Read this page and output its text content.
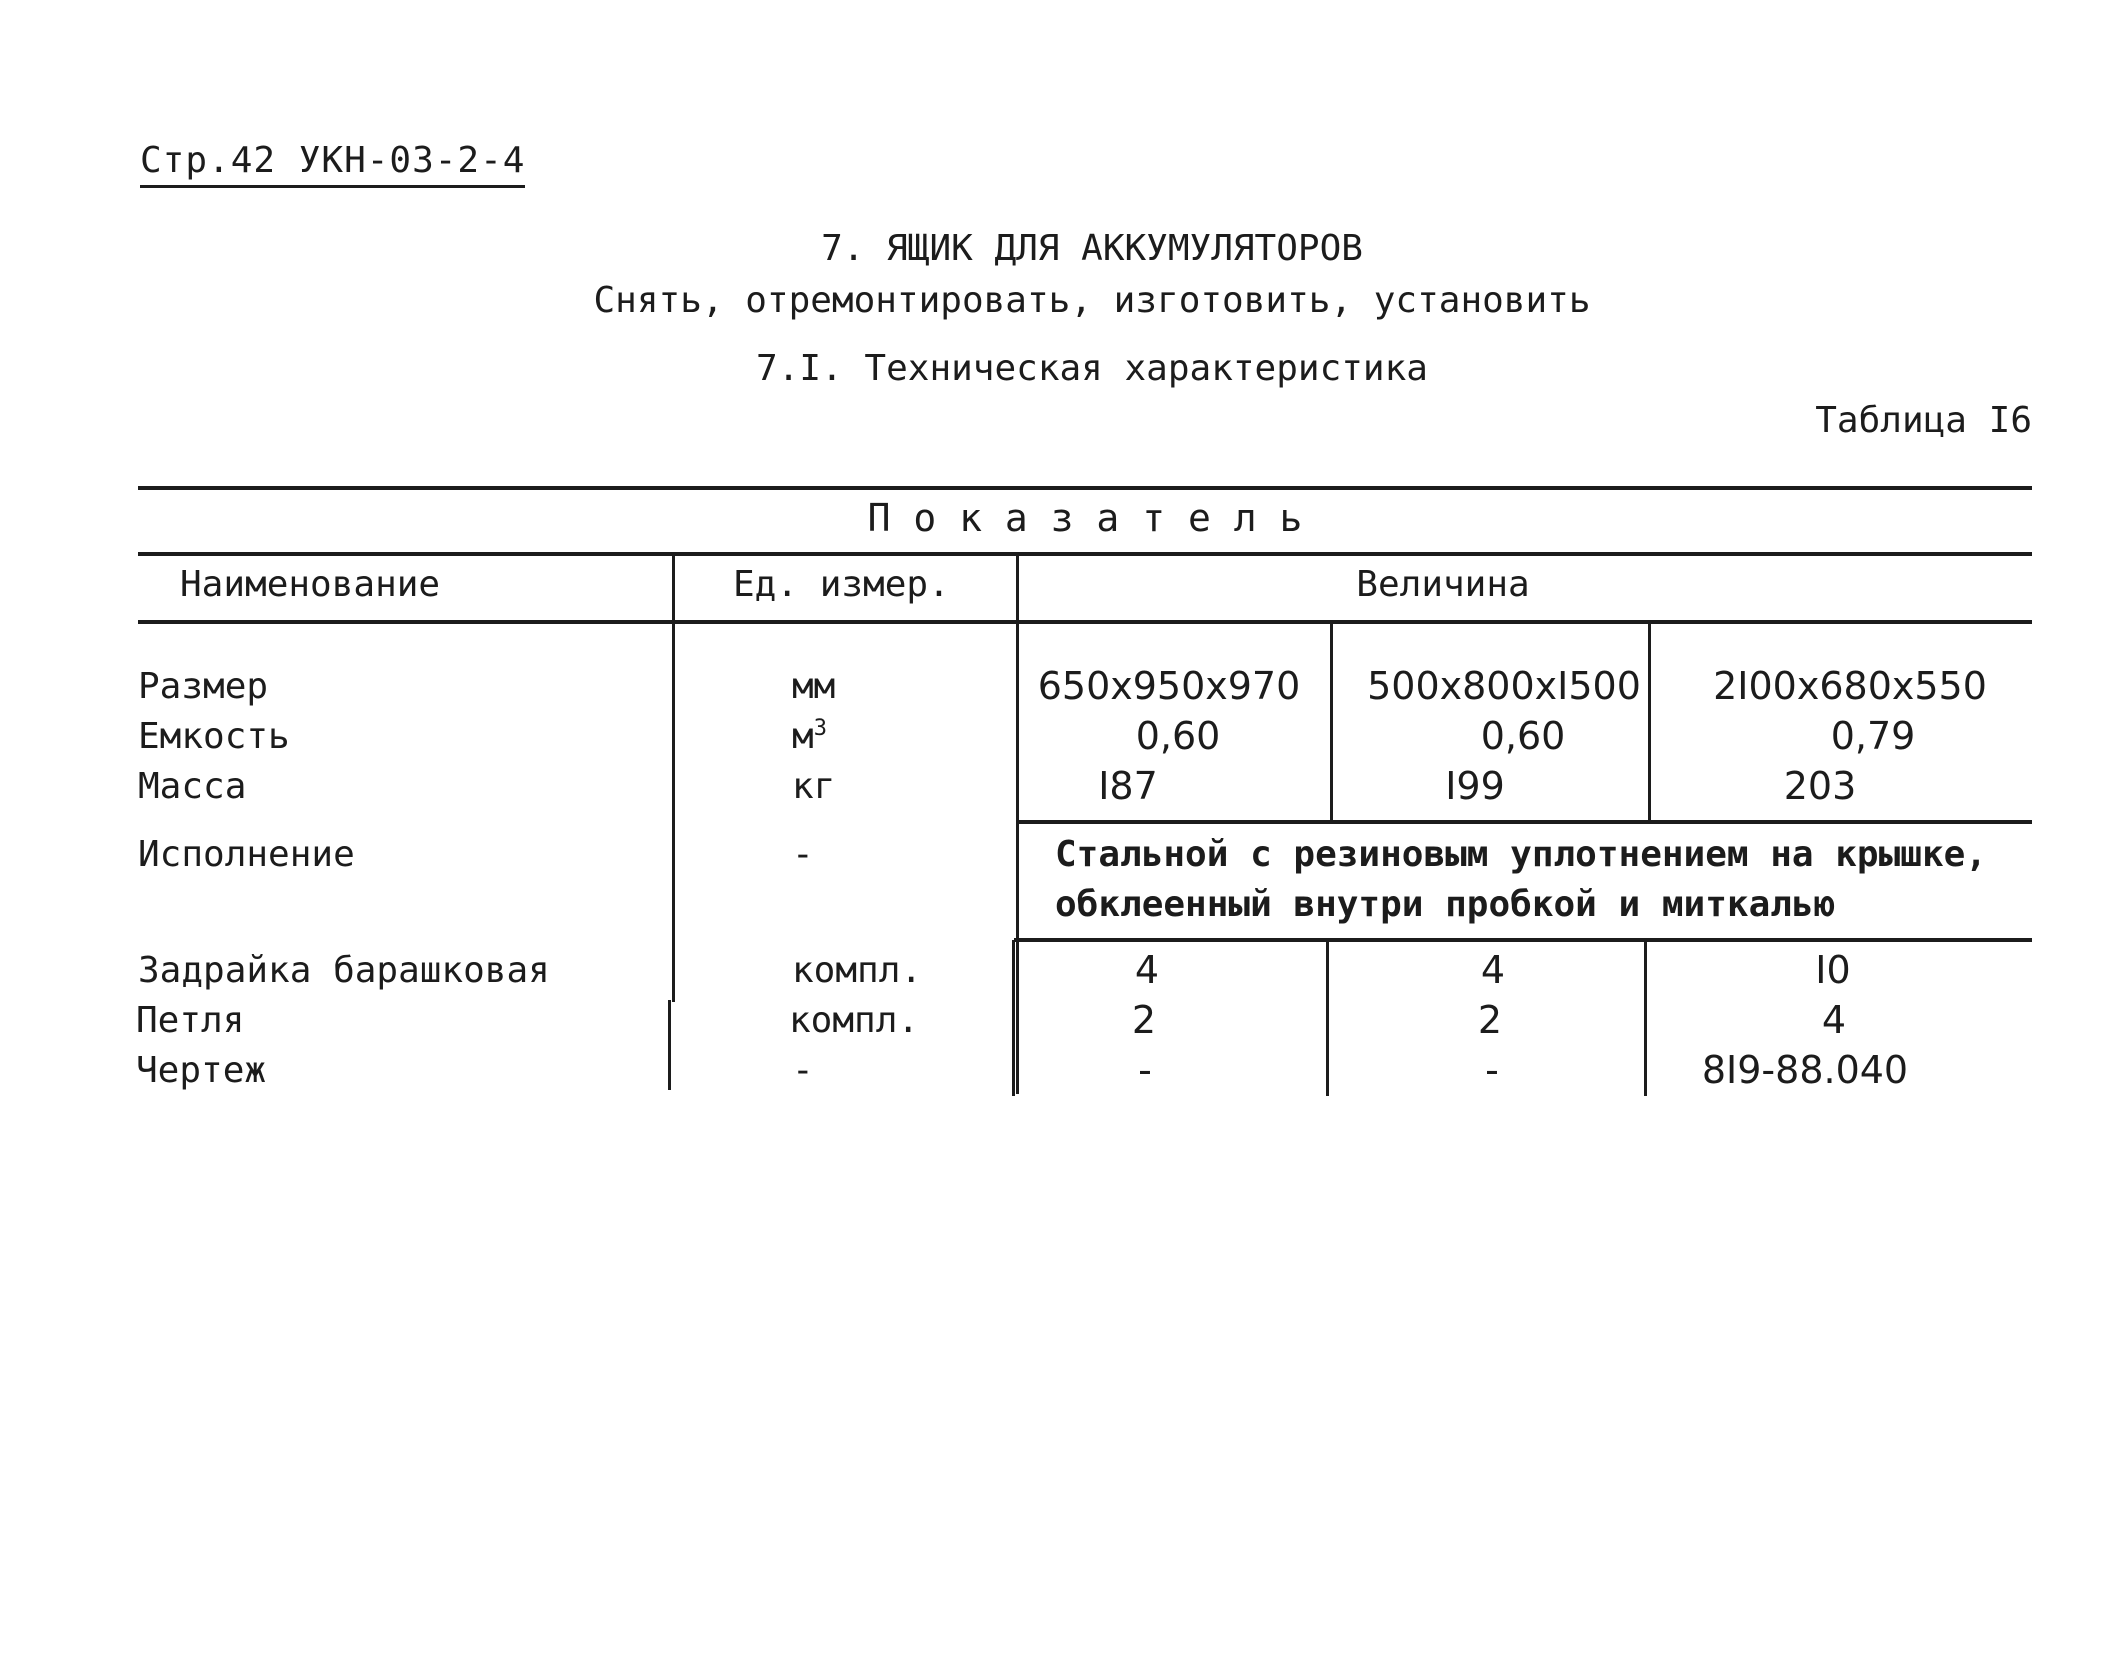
Стр.42 УКН-03-2-4
7. ЯЩИК ДЛЯ АККУМУЛЯТОРОВ
Снять, отремонтировать, изготовить, установить
7.I. Техническая характеристика
Таблица I6
П о к а з а т е л ь
Наименование	Ед. измер.	Величина
Размер	мм	650x950x970 500x800xI500 2I00x680x550
Емкость	$м^3$	0,60	0,60	0,79
Масса	кг	I87	I99	203
Исполнение	-	Стальной с резиновым уплотнением на крышке,
обклеенный внутри пробкой и миткалью
Задрайка барашковая	компл.	4	4	I0
Петля	компл.	2	2	4
Чертеж	-	-	-	8I9-88.040
